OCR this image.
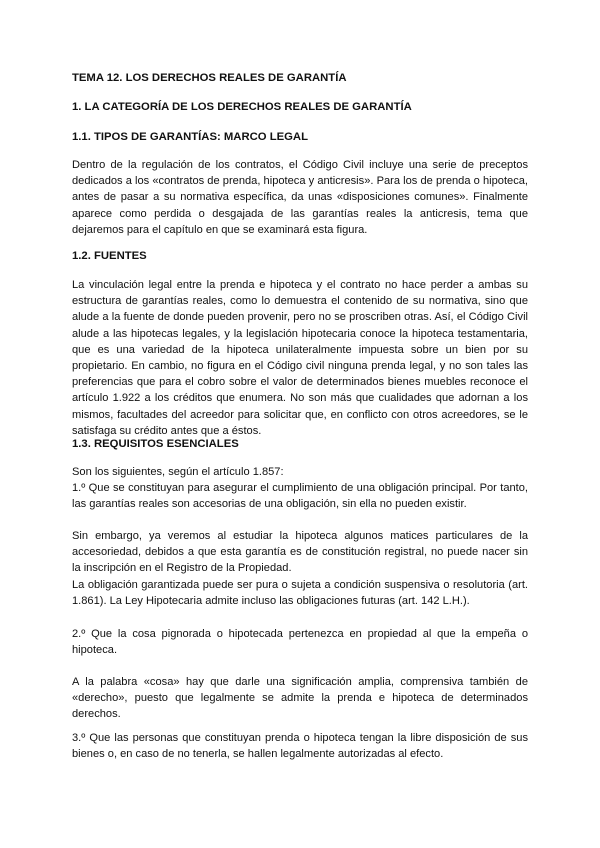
TEMA 12. LOS DERECHOS REALES DE GARANTÍA
1. LA CATEGORÍA DE LOS DERECHOS REALES DE GARANTÍA
1.1. TIPOS DE GARANTÍAS: MARCO LEGAL

Dentro de la regulación de los contratos, el Código Civil incluye una serie de preceptos dedicados a los «contratos de prenda, hipoteca y anticresis». Para los de prenda o hipoteca, antes de pasar a su normativa específica, da unas «disposiciones comunes». Finalmente aparece como perdida o desgajada de las garantías reales la anticresis, tema que dejaremos para el capítulo en que se examinará esta figura.

1.2. FUENTES

La vinculación legal entre la prenda e hipoteca y el contrato no hace perder a ambas su estructura de garantías reales, como lo demuestra el contenido de su normativa, sino que alude a la fuente de donde pueden provenir, pero no se proscriben otras. Así, el Código Civil alude a las hipotecas legales, y la legislación hipotecaria conoce la hipoteca testamentaria, que es una variedad de la hipoteca unilateralmente impuesta sobre un bien por su propietario. En cambio, no figura en el Código civil ninguna prenda legal, y no son tales las preferencias que para el cobro sobre el valor de determinados bienes muebles reconoce el artículo 1.922 a los créditos que enumera. No son más que cualidades que adornan a los mismos, facultades del acreedor para solicitar que, en conflicto con otros acreedores, se le satisfaga su crédito antes que a éstos.

1.3. REQUISITOS ESENCIALES
Son los siguientes, según el artículo 1.857:
1.º Que se constituyan para asegurar el cumplimiento de una obligación principal. Por tanto, las garantías reales son accesorias de una obligación, sin ella no pueden existir.

Sin embargo, ya veremos al estudiar la hipoteca algunos matices particulares de la accesoriedad, debidos a que esta garantía es de constitución registral, no puede nacer sin la inscripción en el Registro de la Propiedad.

La obligación garantizada puede ser pura o sujeta a condición suspensiva o resolutoria (art. 1.861). La Ley Hipotecaria admite incluso las obligaciones futuras (art. 142 L.H.).

2.º Que la cosa pignorada o hipotecada pertenezca en propiedad al que la empeña o hipoteca.

A la palabra «cosa» hay que darle una significación amplia, comprensiva también de «derecho», puesto que legalmente se admite la prenda e hipoteca de determinados derechos.

3.º Que las personas que constituyan prenda o hipoteca tengan la libre disposición de sus bienes o, en caso de no tenerla, se hallen legalmente autorizadas al efecto.
